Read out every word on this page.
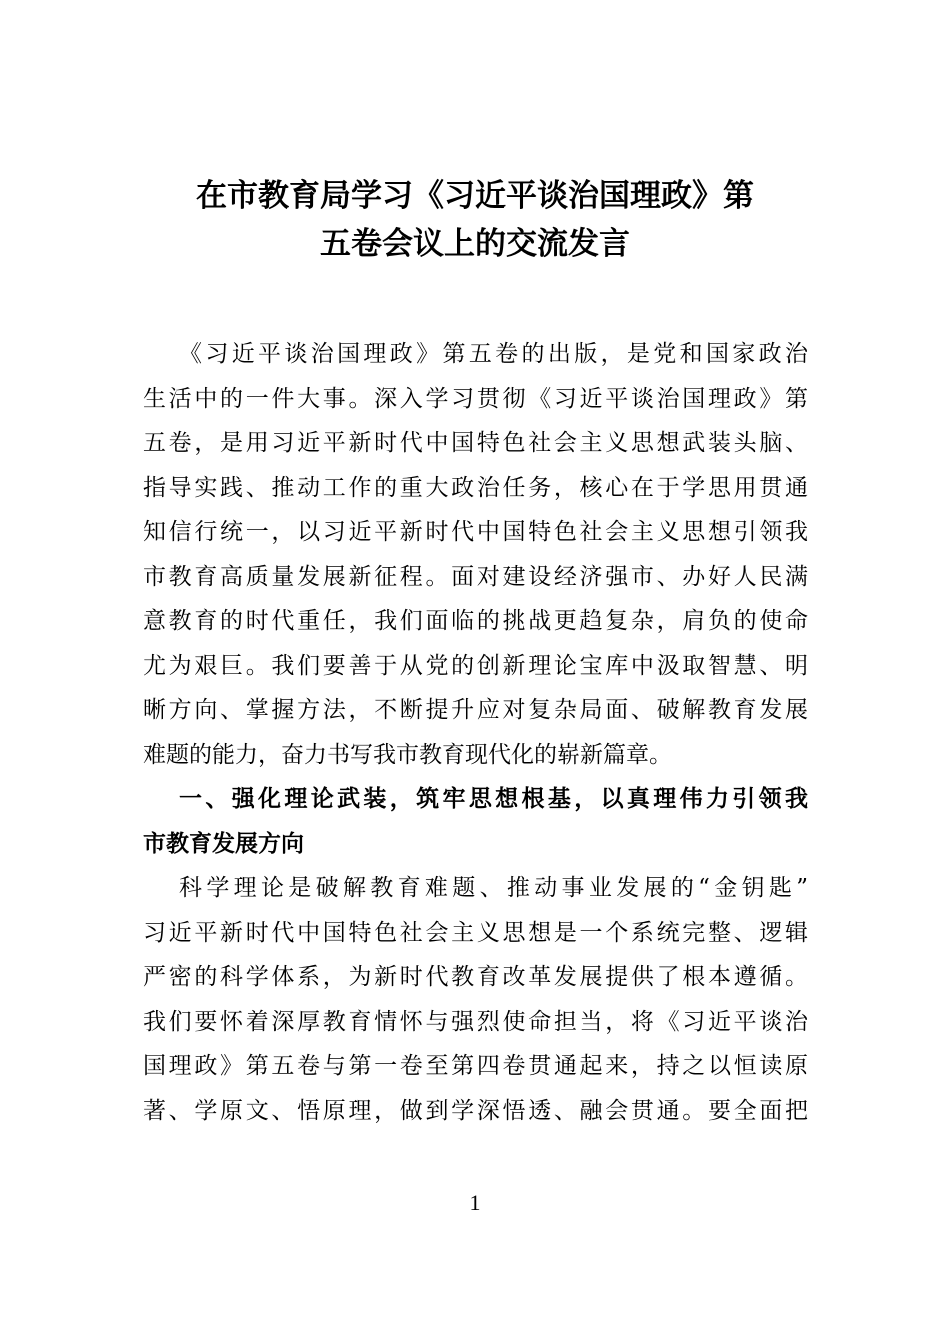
在市教育局学习《习近平谈治国理政》第
五卷会议上的交流发言
《习近平谈治国理政》第五卷的出版，是党和国家政治
生活中的一件大事。深入学习贯彻《习近平谈治国理政》第
五卷，是用习近平新时代中国特色社会主义思想武装头脑、
指导实践、推动工作的重大政治任务，核心在于学思用贯通
知信行统一，以习近平新时代中国特色社会主义思想引领我
市教育高质量发展新征程。面对建设经济强市、办好人民满
意教育的时代重任，我们面临的挑战更趋复杂，肩负的使命
尤为艰巨。我们要善于从党的创新理论宝库中汲取智慧、明
晰方向、掌握方法，不断提升应对复杂局面、破解教育发展
难题的能力，奋力书写我市教育现代化的崭新篇章。
一、强化理论武装，筑牢思想根基，以真理伟力引领我
市教育发展方向
科学理论是破解教育难题、推动事业发展的“金钥匙”
习近平新时代中国特色社会主义思想是一个系统完整、逻辑
严密的科学体系，为新时代教育改革发展提供了根本遵循。
我们要怀着深厚教育情怀与强烈使命担当，将《习近平谈治
国理政》第五卷与第一卷至第四卷贯通起来，持之以恒读原
著、学原文、悟原理，做到学深悟透、融会贯通。要全面把
1
